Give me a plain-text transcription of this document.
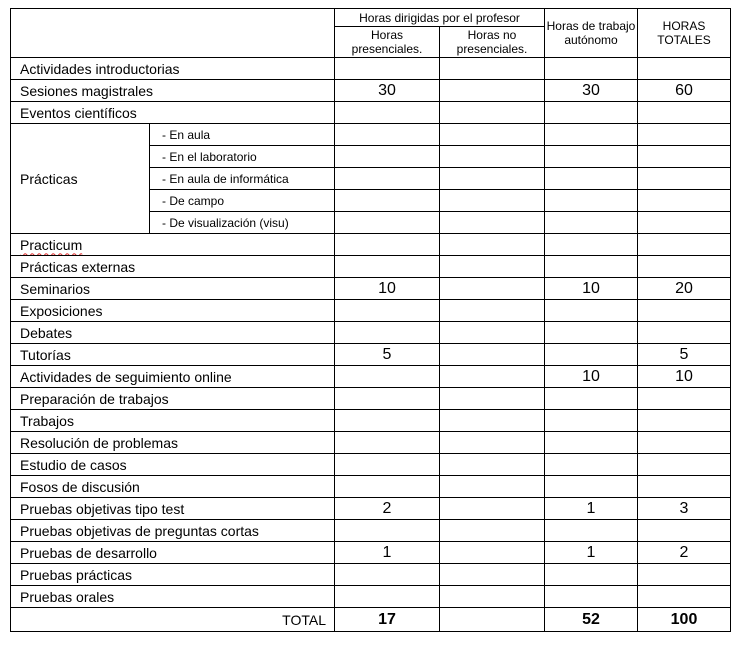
		Horas dirigidas por el profesor		Horas de trabajo autónomo	HORAS TOTALES
		Horas presenciales.	Horas no presenciales.		
Actividades introductorias					
Sesiones magistrales		30		30	60
Eventos científicos					
Prácticas	- En aula				
	- En el laboratorio				
	- En aula de informática				
	- De campo				
	- De visualización (visu)				
Practicum					
Prácticas externas					
Seminarios		10		10	20
Exposiciones					
Debates					
Tutorías		5			5
Actividades de seguimiento online				10	10
Preparación de trabajos					
Trabajos					
Resolución de problemas					
Estudio de casos					
Fosos de discusión					
Pruebas objetivas tipo test		2		1	3
Pruebas objetivas de preguntas cortas					
Pruebas de desarrollo		1		1	2
Pruebas prácticas					
Pruebas orales					
TOTAL		17		52	100
